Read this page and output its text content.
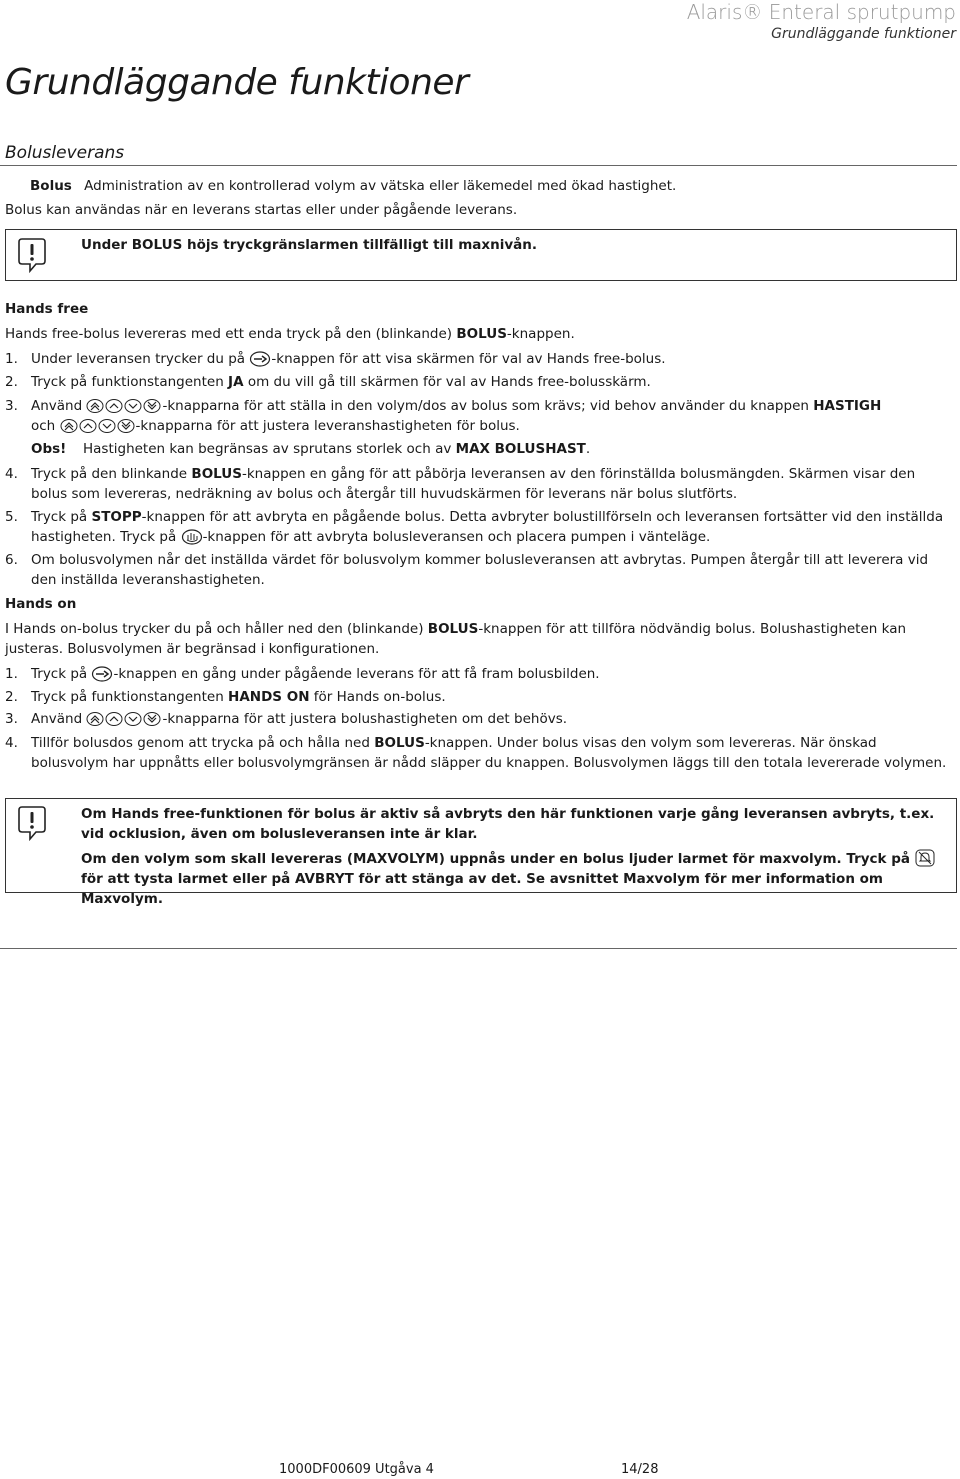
Alaris® Enteral sprutpump
Grundläggande funktioner
Grundläggande funktioner
Bolusleverans
Bolus Administration av en kontrollerad volym av vätska eller läkemedel med ökad hastighet.
Bolus kan användas när en leverans startas eller under pågående leverans.
Under BOLUS höjs tryckgränslarmen tillfälligt till maxnivån.
Hands free
Hands free-bolus levereras med ett enda tryck på den (blinkande) BOLUS-knappen.
1. Under leveransen trycker du på -knappen för att visa skärmen för val av Hands free-bolus.
2. Tryck på funktionstangenten JA om du vill gå till skärmen för val av Hands free-bolusskärm.
3. Använd	-knapparna för att ställa in den volym/dos av bolus som krävs; vid behov använder du knappen HASTIGH
och	-knapparna för att justera leveranshastigheten för bolus.
Obs! Hastigheten kan begränsas av sprutans storlek och av MAX BOLUSHAST.
4. Tryck på den blinkande BOLUS-knappen en gång för att påbörja leveransen av den förinställda bolusmängden. Skärmen visar den bolus som levereras, nedräkning av bolus och återgår till huvudskärmen för leverans när bolus slutförts.
5. Tryck på STOPP-knappen för att avbryta en pågående bolus. Detta avbryter bolustillförseln och leveransen fortsätter vid den inställda hastigheten. Tryck på -knappen för att avbryta bolusleveransen och placera pumpen i vänteläge.
6. Om bolusvolymen når det inställda värdet för bolusvolym kommer bolusleveransen att avbrytas. Pumpen återgår till att leverera vid den inställda leveranshastigheten.
Hands on
I Hands on-bolus trycker du på och håller ned den (blinkande) BOLUS-knappen för att tillföra nödvändig bolus. Bolushastigheten kan justeras. Bolusvolymen är begränsad i konfigurationen.
1. Tryck på -knappen en gång under pågående leverans för att få fram bolusbilden.
2. Tryck på funktionstangenten HANDS ON för Hands on-bolus.
3. Använd	-knapparna för att justera bolushastigheten om det behövs.
4. Tillför bolusdos genom att trycka på och hålla ned BOLUS-knappen. Under bolus visas den volym som levereras. När önskad bolusvolym har uppnåtts eller bolusvolymgränsen är nådd släpper du knappen. Bolusvolymen läggs till den totala levererade volymen.
Om Hands free-funktionen för bolus är aktiv så avbryts den här funktionen varje gång leveransen avbryts, t.ex. vid ocklusion, även om bolusleveransen inte är klar.
Om den volym som skall levereras (MAXVOLYM) uppnås under en bolus ljuder larmet för maxvolym. Tryck på  för att tysta larmet eller på AVBRYT för att stänga av det. Se avsnittet Maxvolym för mer information om Maxvolym.
1000DF00609 Utgåva 4	14/28
